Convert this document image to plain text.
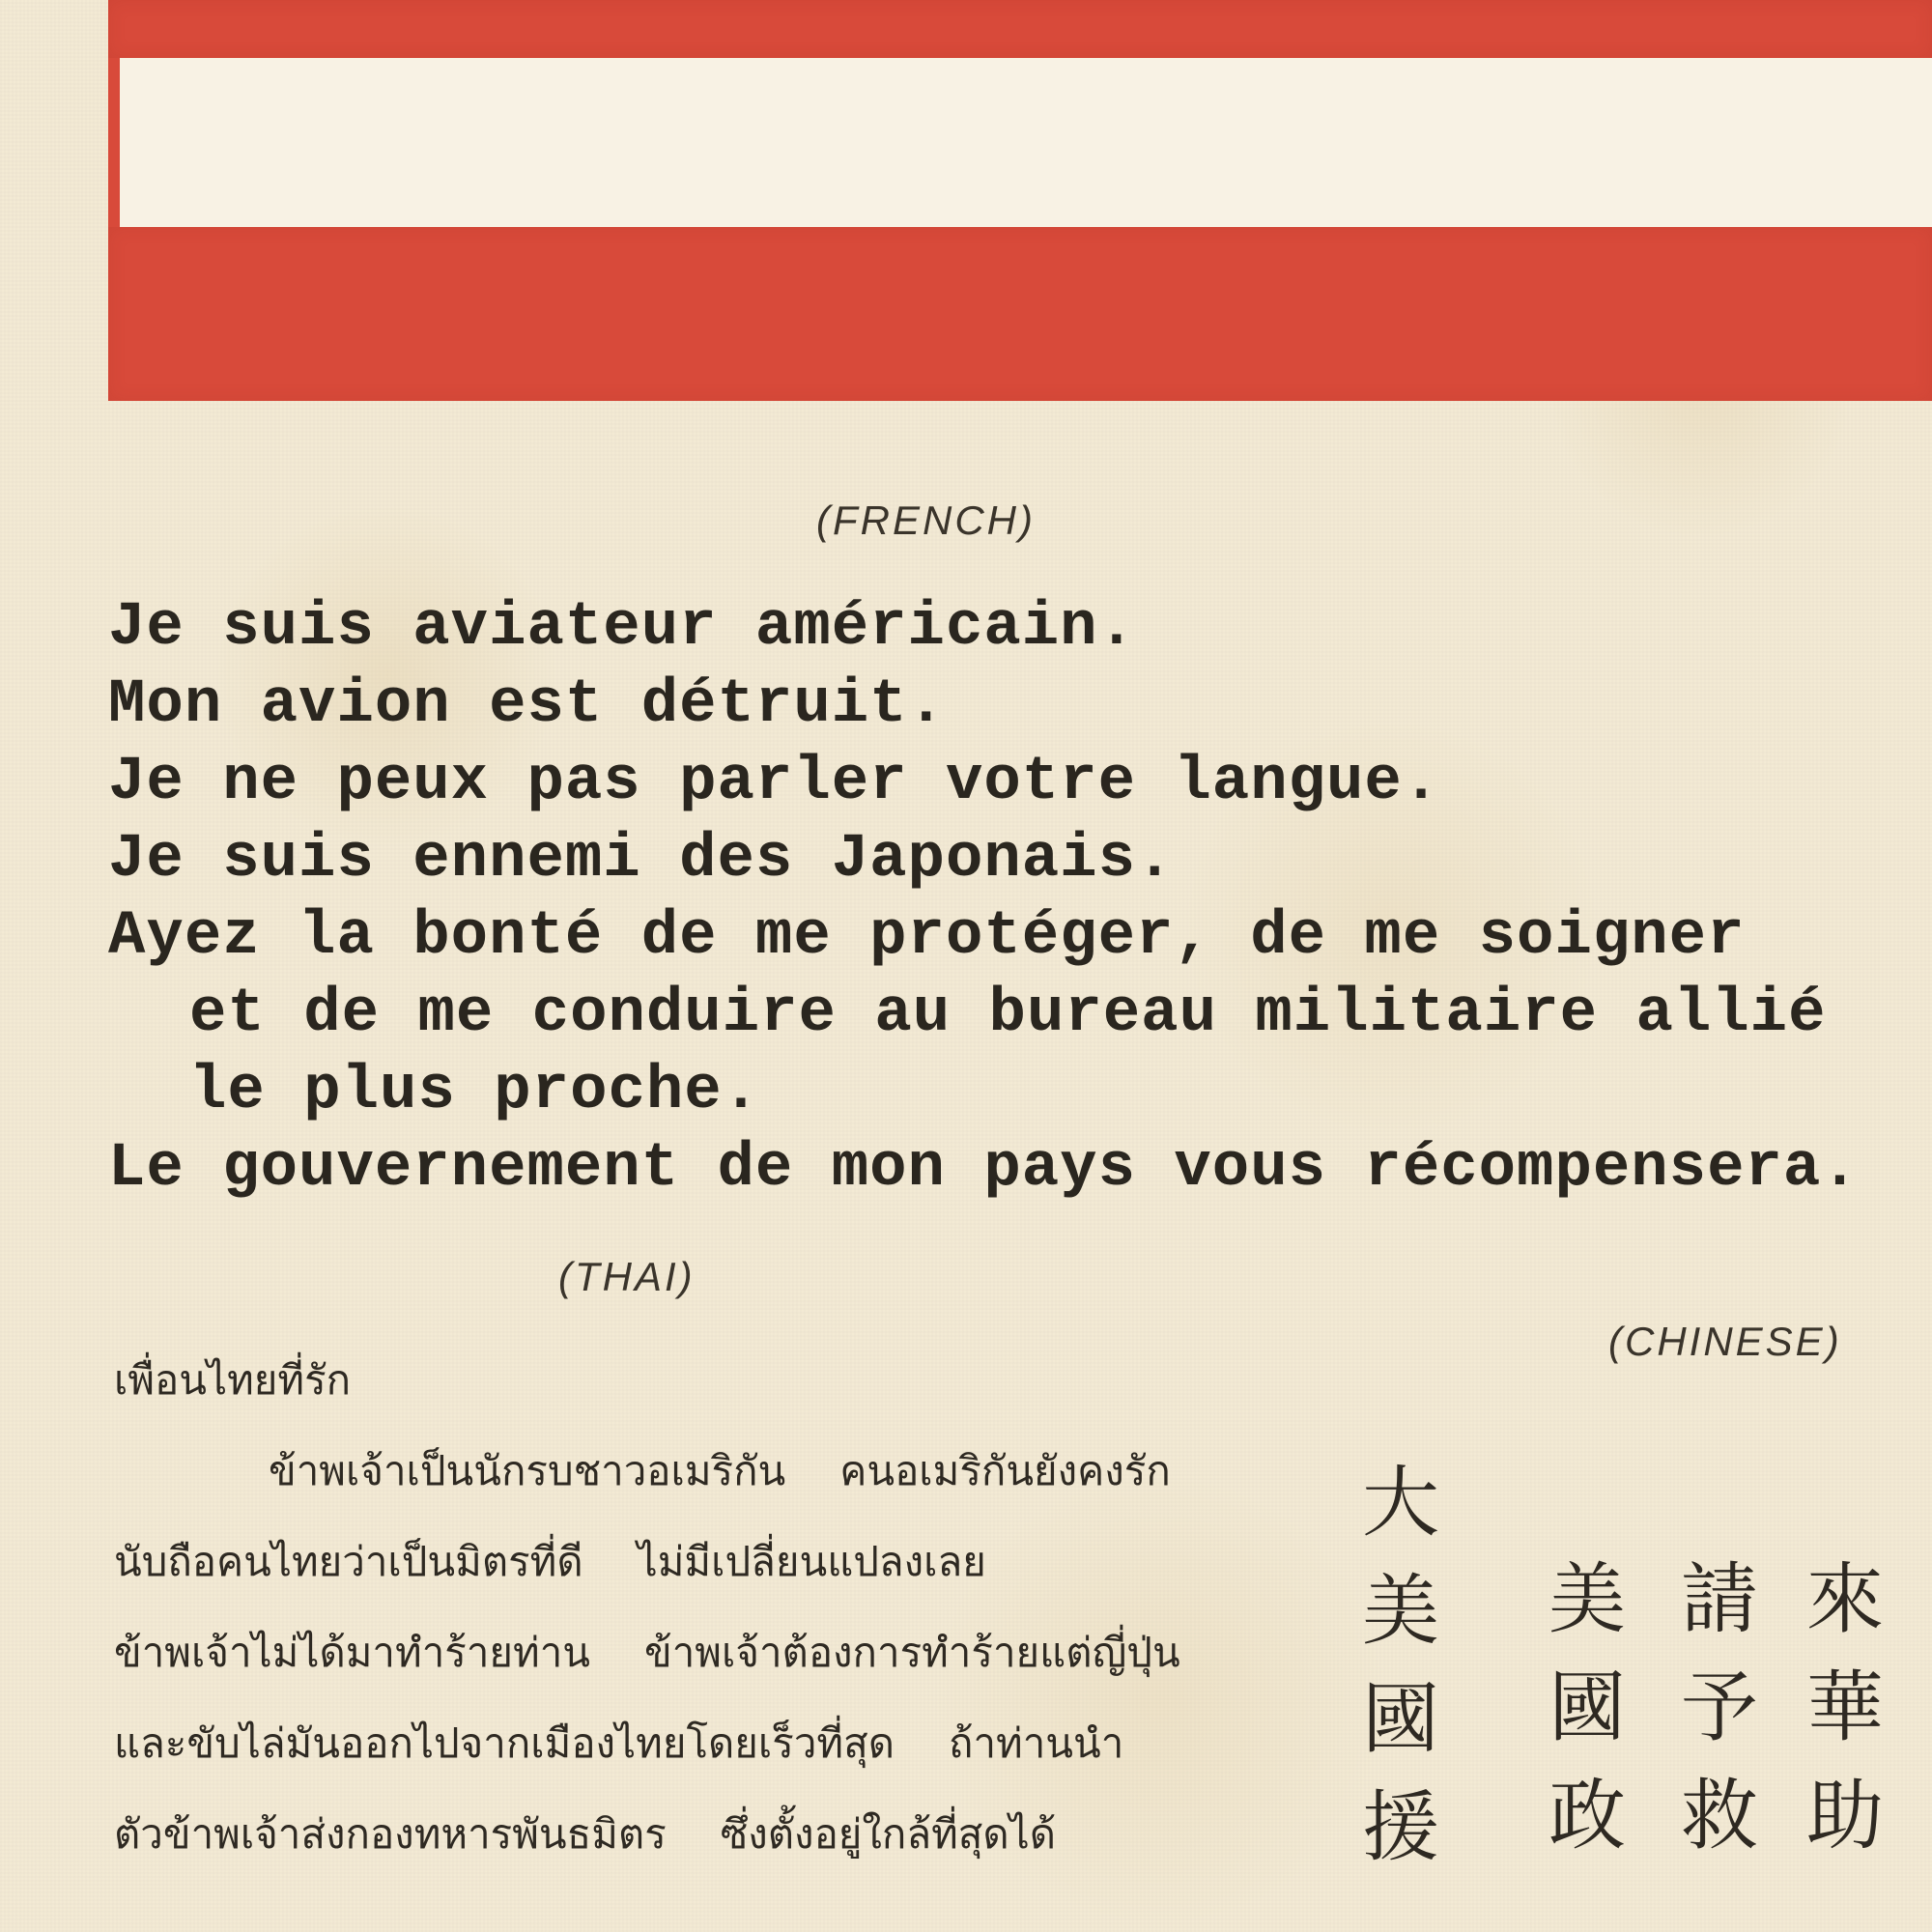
(FRENCH)
Je suis aviateur américain.
Mon avion est détruit.
Je ne peux pas parler votre langue.
Je suis ennemi des Japonais.
Ayez la bonté de me protéger, de me soigner
et de me conduire au bureau militaire allié
le plus proche.
Le gouvernement de mon pays vous récompensera.
(THAI)
เพื่อนไทยที่รัก
ข้าพเจ้าเป็นนักรบชาวอเมริกัน คนอเมริกันยังคงรัก
นับถือคนไทยว่าเป็นมิตรที่ดี ไม่มีเปลี่ยนแปลงเลย
ข้าพเจ้าไม่ได้มาทำร้ายท่าน ข้าพเจ้าต้องการทำร้ายแต่ญี่ปุ่น
และขับไล่มันออกไปจากเมืองไทยโดยเร็วที่สุด ถ้าท่านนำ
ตัวข้าพเจ้าส่งกองทหารพันธมิตร ซึ่งตั้งอยู่ใกล้ที่สุดได้
(CHINESE)
大
美
國
援
美
國
政
請
予
救
來
華
助
